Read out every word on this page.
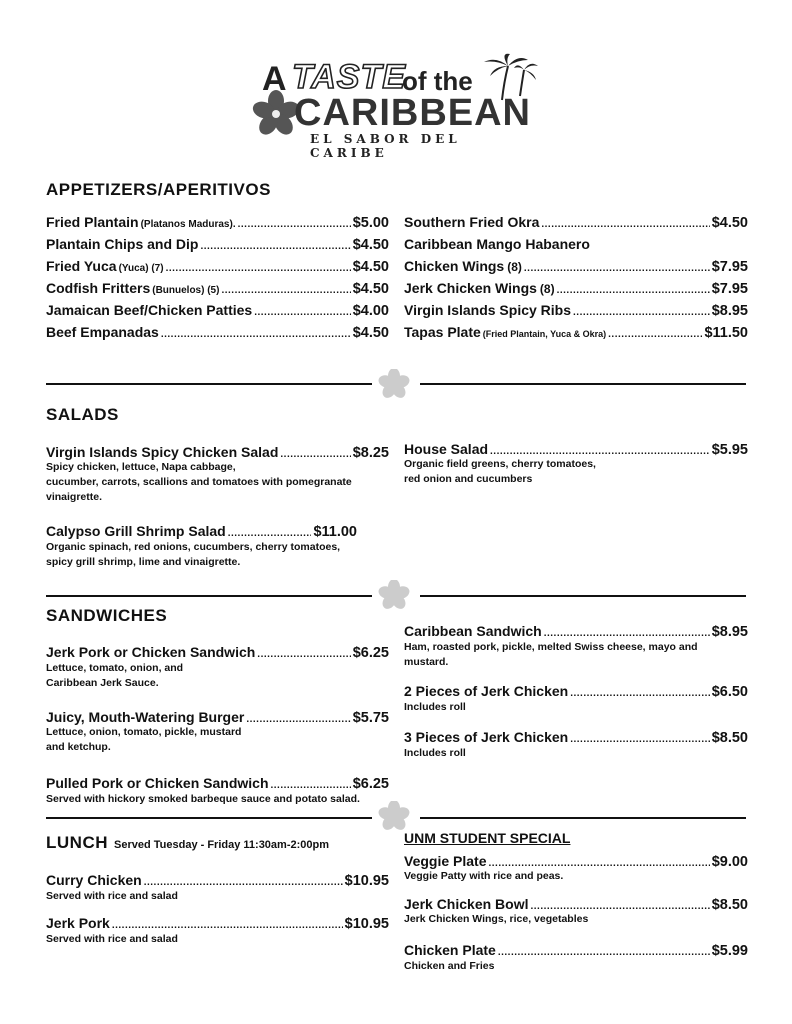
A TASTE
of the
CARIBBEAN
EL SABOR DEL CARIBE
APPETIZERS/APERITIVOS
Fried Plantain (Platanos Maduras). .....	$5.00
Plantain Chips and Dip .....	$4.50
Fried Yuca (Yuca) (7) .....	$4.50
Codfish Fritters (Bunuelos) (5) .....	$4.50
Jamaican Beef/Chicken Patties .....	$4.00
Beef Empanadas .....	$4.50
Southern Fried Okra .....	$4.50
Caribbean Mango Habanero
Chicken Wings (8) .....	$7.95
Jerk Chicken Wings (8) .....	$7.95
Virgin Islands Spicy Ribs .....	$8.95
Tapas Plate (Fried Plantain, Yuca & Okra) .....	$11.50
SALADS
Virgin Islands Spicy Chicken Salad .....	$8.25
Spicy chicken, lettuce, Napa cabbage,
cucumber, carrots, scallions and tomatoes with pomegranate
vinaigrette.
Calypso Grill Shrimp Salad .....	$11.00
Organic spinach, red onions, cucumbers, cherry tomatoes,
spicy grill shrimp, lime and vinaigrette.
House Salad .....	$5.95
Organic field greens, cherry tomatoes,
red onion and cucumbers
SANDWICHES
Jerk Pork or Chicken Sandwich .....	$6.25
Lettuce, tomato, onion, and
Caribbean Jerk Sauce.
Juicy, Mouth-Watering Burger .....	$5.75
Lettuce, onion, tomato, pickle, mustard
and ketchup.
Pulled Pork or Chicken Sandwich .....	$6.25
Served with hickory smoked barbeque sauce and potato salad.
Caribbean Sandwich .....	$8.95
Ham, roasted pork, pickle, melted Swiss cheese, mayo and
mustard.
2 Pieces of Jerk Chicken .....	$6.50
Includes roll
3 Pieces of Jerk Chicken .....	$8.50
Includes roll
LUNCH Served Tuesday - Friday 11:30am-2:00pm
Curry Chicken .....	$10.95
Served with rice and salad
Jerk Pork .....	$10.95
Served with rice and salad
UNM STUDENT SPECIAL
Veggie Plate .....	$9.00
Veggie Patty with rice and peas.
Jerk Chicken Bowl .....	$8.50
Jerk Chicken Wings, rice, vegetables
Chicken Plate .....	$5.99
Chicken and Fries
